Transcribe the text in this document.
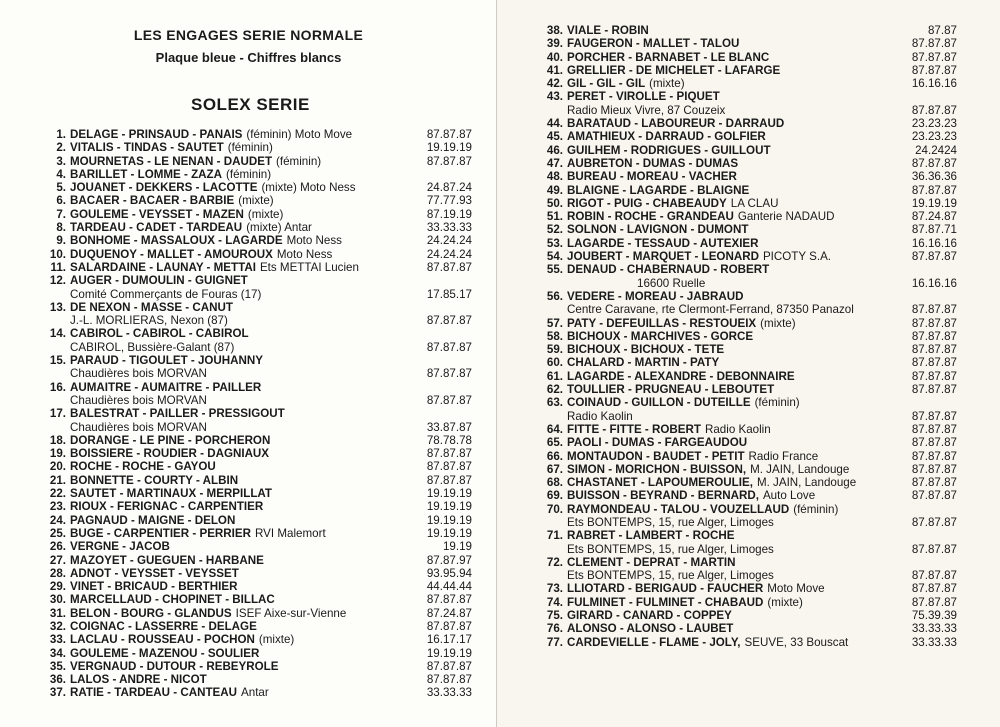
LES ENGAGES SERIE NORMALE
Plaque bleue - Chiffres blancs
SOLEX SERIE
1. DELAGE - PRINSAUD - PANAIS (féminin) Moto Move	87.87.87
2. VITALIS - TINDAS - SAUTET (féminin)	19.19.19
3. MOURNETAS - LE NENAN - DAUDET (féminin)	87.87.87
4. BARILLET - LOMME - ZAZA (féminin)
5. JOUANET - DEKKERS - LACOTTE (mixte) Moto Ness	24.87.24
6. BACAER - BACAER - BARBIE (mixte)	77.77.93
7. GOULEME - VEYSSET - MAZEN (mixte)	87.19.19
8. TARDEAU - CADET - TARDEAU (mixte) Antar	33.33.33
9. BONHOME - MASSALOUX - LAGARDE Moto Ness	24.24.24
10. DUQUENOY - MALLET - AMOUROUX Moto Ness	24.24.24
11. SALARDAINE - LAUNAY - METTAI Ets METTAI Lucien	87.87.87
12. AUGER - DUMOULIN - GUIGNET
Comité Commerçants de Fouras (17)	17.85.17
13. DE NEXON - MASSE - CANUT
J.-L. MORLIERAS, Nexon (87)	87.87.87
14. CABIROL - CABIROL - CABIROL
CABIROL, Bussière-Galant (87)	87.87.87
15. PARAUD - TIGOULET - JOUHANNY
Chaudières bois MORVAN	87.87.87
16. AUMAITRE - AUMAITRE - PAILLER
Chaudières bois MORVAN	87.87.87
17. BALESTRAT - PAILLER - PRESSIGOUT
Chaudières bois MORVAN	33.87.87
18. DORANGE - LE PINE - PORCHERON	78.78.78
19. BOISSIERE - ROUDIER - DAGNIAUX	87.87.87
20. ROCHE - ROCHE - GAYOU	87.87.87
21. BONNETTE - COURTY - ALBIN	87.87.87
22. SAUTET - MARTINAUX - MERPILLAT	19.19.19
23. RIOUX - FERIGNAC - CARPENTIER	19.19.19
24. PAGNAUD - MAIGNE - DELON	19.19.19
25. BUGE - CARPENTIER - PERRIER RVI Malemort	19.19.19
26. VERGNE - JACOB	19.19
27. MAZOYET - GUEGUEN - HARBANE	87.87.97
28. ADNOT - VEYSSET - VEYSSET	93.95.94
29. VINET - BRICAUD - BERTHIER	44.44.44
30. MARCELLAUD - CHOPINET - BILLAC	87.87.87
31. BELON - BOURG - GLANDUS ISEF Aixe-sur-Vienne	87.24.87
32. COIGNAC - LASSERRE - DELAGE	87.87.87
33. LACLAU - ROUSSEAU - POCHON (mixte)	16.17.17
34. GOULEME - MAZENOU - SOULIER	19.19.19
35. VERGNAUD - DUTOUR - REBEYROLE	87.87.87
36. LALOS - ANDRE - NICOT	87.87.87
37. RATIE - TARDEAU - CANTEAU Antar	33.33.33
38. VIALE - ROBIN	87.87
39. FAUGERON - MALLET - TALOU	87.87.87
40. PORCHER - BARNABET - LE BLANC	87.87.87
41. GRELLIER - DE MICHELET - LAFARGE	87.87.87
42. GIL - GIL - GIL (mixte)	16.16.16
43. PERET - VIROLLE - PIQUET
Radio Mieux Vivre, 87 Couzeix	87.87.87
44. BARATAUD - LABOUREUR - DARRAUD	23.23.23
45. AMATHIEUX - DARRAUD - GOLFIER	23.23.23
46. GUILHEM - RODRIGUES - GUILLOUT	24.2424
47. AUBRETON - DUMAS - DUMAS	87.87.87
48. BUREAU - MOREAU - VACHER	36.36.36
49. BLAIGNE - LAGARDE - BLAIGNE	87.87.87
50. RIGOT - PUIG - CHABEAUDY LA CLAU	19.19.19
51. ROBIN - ROCHE - GRANDEAU Ganterie NADAUD	87.24.87
52. SOLNON - LAVIGNON - DUMONT	87.87.71
53. LAGARDE - TESSAUD - AUTEXIER	16.16.16
54. JOUBERT - MARQUET - LEONARD PICOTY S.A.	87.87.87
55. DENAUD - CHABERNAUD - ROBERT
16600 Ruelle	16.16.16
56. VEDERE - MOREAU - JABRAUD
Centre Caravane, rte Clermont-Ferrand, 87350 Panazol	87.87.87
57. PATY - DEFEUILLAS - RESTOUEIX (mixte)	87.87.87
58. BICHOUX - MARCHIVES - GORCE	87.87.87
59. BICHOUX - BICHOUX - TETE	87.87.87
60. CHALARD - MARTIN - PATY	87.87.87
61. LAGARDE - ALEXANDRE - DEBONNAIRE	87.87.87
62. TOULLIER - PRUGNEAU - LEBOUTET	87.87.87
63. COINAUD - GUILLON - DUTEILLE (féminin)
Radio Kaolin	87.87.87
64. FITTE - FITTE - ROBERT Radio Kaolin	87.87.87
65. PAOLI - DUMAS - FARGEAUDOU	87.87.87
66. MONTAUDON - BAUDET - PETIT Radio France	87.87.87
67. SIMON - MORICHON - BUISSON, M. JAIN, Landouge	87.87.87
68. CHASTANET - LAPOUMEROULIE, M. JAIN, Landouge	87.87.87
69. BUISSON - BEYRAND - BERNARD, Auto Love	87.87.87
70. RAYMONDEAU - TALOU - VOUZELLAUD (féminin)
Ets BONTEMPS, 15, rue Alger, Limoges	87.87.87
71. RABRET - LAMBERT - ROCHE
Ets BONTEMPS, 15, rue Alger, Limoges	87.87.87
72. CLEMENT - DEPRAT - MARTIN
Ets BONTEMPS, 15, rue Alger, Limoges	87.87.87
73. LLIOTARD - BERIGAUD - FAUCHER Moto Move	87.87.87
74. FULMINET - FULMINET - CHABAUD (mixte)	87.87.87
75. GIRARD - CANARD - COPPEY	75.39.39
76. ALONSO - ALONSO - LAUBET	33.33.33
77. CARDEVIELLE - FLAME - JOLY, SEUVE, 33 Bouscat	33.33.33
